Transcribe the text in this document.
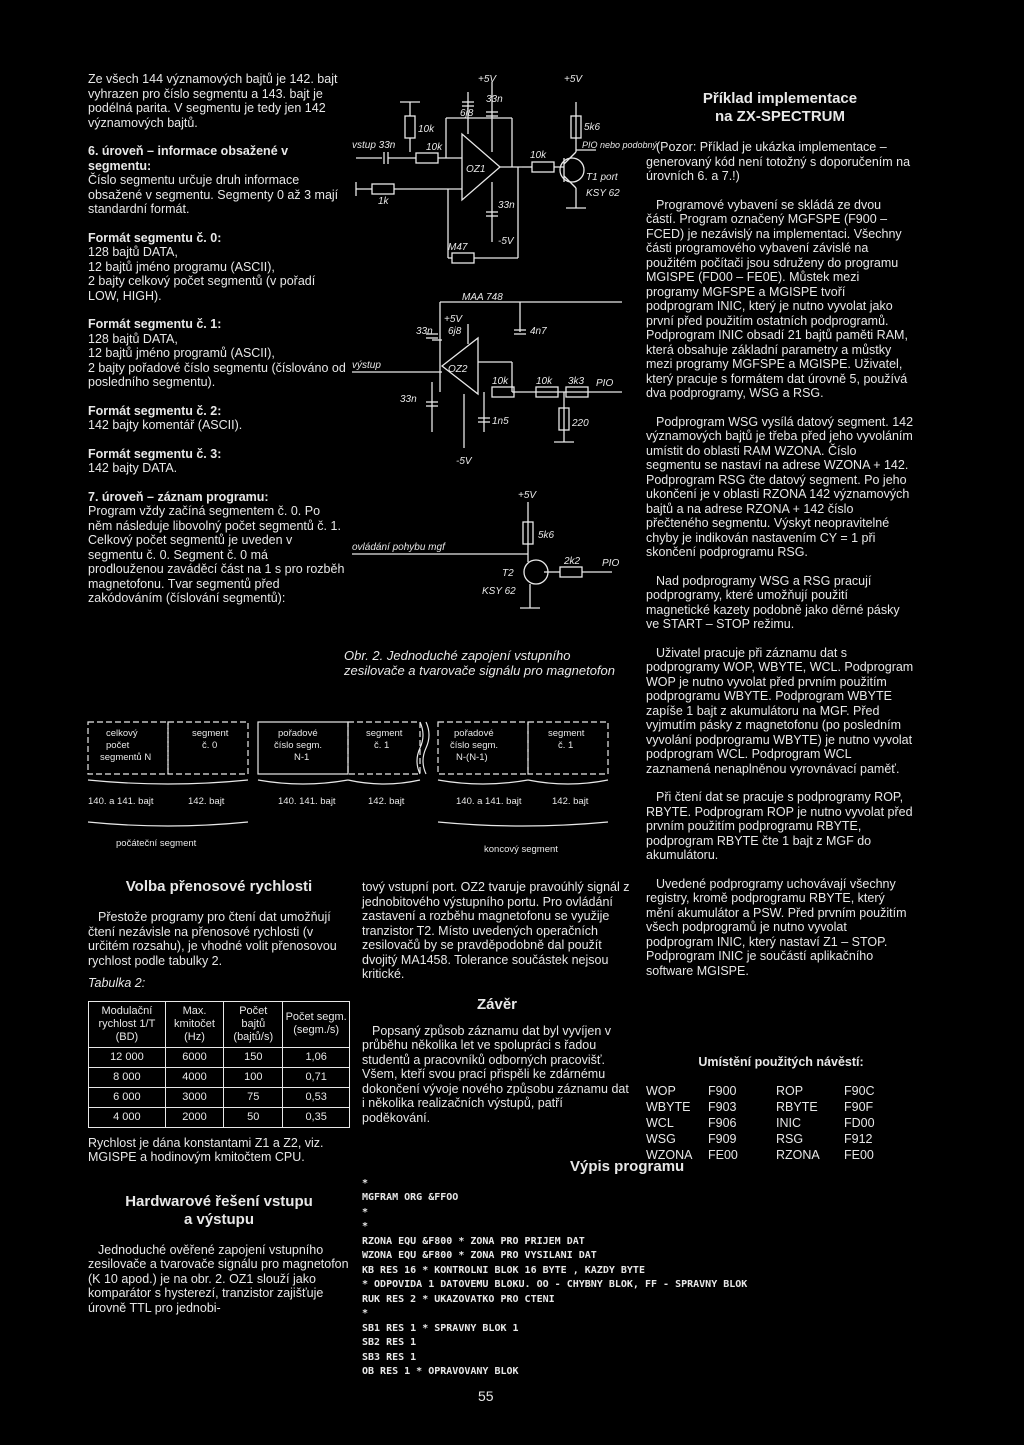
Ze všech 144 významových bajtů je 142. bajt vyhrazen pro číslo segmentu a 143. bajt je podélná parita. V segmentu je tedy jen 142 významových bajtů.

6. úroveň – informace obsažené v segmentu:

Číslo segmentu určuje druh informace obsažené v segmentu. Segmenty 0 až 3 mají standardní formát.

Formát segmentu č. 0:

128 bajtů DATA,

12 bajtů jméno programu (ASCII),

2 bajty celkový počet segmentů (v pořadí LOW, HIGH).

Formát segmentu č. 1:

128 bajtů DATA,

12 bajtů jméno programů (ASCII),

2 bajty pořadové číslo segmentu (číslováno od posledního segmentu).

Formát segmentu č. 2:

142 bajty komentář (ASCII).

Formát segmentu č. 3:

142 bajty DATA.

7. úroveň – záznam programu:

Program vždy začíná segmentem č. 0. Po něm následuje libovolný počet segmentů č. 1. Celkový počet segmentů je uveden v segmentu č. 0. Segment č. 0 má prodlouženou zaváděcí část na 1 s pro rozběh magnetofonu. Tvar segmentů před zakódováním (číslování segmentů):

celkový
počet
segmentů N
segment
č. 0
pořadové
číslo segm.
N-1
segment
č. 1
pořadové
číslo segm.
N-(N-1)
segment
č. 1
140. a 141. bajt	142. bajt	140. 141. bajt	142. bajt	140. a 141. bajt	142. bajt
počáteční segment
koncový segment

Volba přenosové rychlosti

Přestože programy pro čtení dat umožňují čtení nezávisle na přenosové rychlosti (v určitém rozsahu), je vhodné volit přenosovou rychlost podle tabulky 2.

Tabulka 2:

Modulační rychlost 1/T (BD)	Max. kmitočet (Hz)	Počet bajtů (bajtů/s)	Počet segm. (segm./s)
12 000	6000	150	1,06
8 000	4000	100	0,71
6 000	3000	75	0,53
4 000	2000	50	0,35

Rychlost je dána konstantami Z1 a Z2, viz. MGISPE a hodinovým kmitočtem CPU.

Hardwarové řešení vstupu

a výstupu

Jednoduché ověřené zapojení vstupního zesilovače a tvarovače signálu pro magnetofon (K 10 apod.) je na obr. 2. OZ1 slouží jako komparátor s hysterezí, tranzistor zajišťuje úrovně TTL pro jednobi-

+5V
33n
6j8
10k
vstup 33n	10k
1k
OZ1
33n
-5V
M47
+5V
5k6
10k
PIO nebo podobný
T1 port
KSY 62
MAA 748
+5V
33n 6j8	4n7
výstup	OZ2
10k	10k 3k3 PIO
33n
1n5	220
-5V
+5V
5k6
ovládání pohybu mgf
2k2 PIO
T2
KSY 62
Obr. 2. Jednoduché zapojení vstupního zesilovače a tvarovače signálu pro magnetofon

tový vstupní port. OZ2 tvaruje pravoúhlý signál z jednobitového výstupního portu. Pro ovládání zastavení a rozběhu magnetofonu se využije tranzistor T2. Místo uvedených operačních zesilovačů by se pravděpodobně dal použít dvojitý MA1458. Tolerance součástek nejsou kritické.

Závěr

Popsaný způsob záznamu dat byl vyvíjen v průběhu několika let ve spolupráci s řadou studentů a pracovníků odborných pracovišť. Všem, kteří svou prací přispěli ke zdárnému dokončení vývoje nového způsobu záznamu dat i několika realizačních výstupů, patří poděkování.

Příklad implementace

na ZX-SPECTRUM

(Pozor: Příklad je ukázka implementace – generovaný kód není totožný s doporučením na úrovních 6. a 7.!)

Programové vybavení se skládá ze dvou částí. Program označený MGFSPE (F900 – FCED) je nezávislý na implementaci. Všechny části programového vybavení závislé na použitém počítači jsou sdruženy do programu MGISPE (FD00 – FE0E). Můstek mezi programy MGFSPE a MGISPE tvoří podprogram INIC, který je nutno vyvolat jako první před použitím ostatních podprogramů. Podprogram INIC obsadí 21 bajtů paměti RAM, která obsahuje základní parametry a můstky mezi programy MGFSPE a MGISPE. Uživatel, který pracuje s formátem dat úrovně 5, používá dva podprogramy, WSG a RSG.

Podprogram WSG vysílá datový segment. 142 významových bajtů je třeba před jeho vyvoláním umístit do oblasti RAM WZONA. Číslo segmentu se nastaví na adrese WZONA + 142. Podprogram RSG čte datový segment. Po jeho ukončení je v oblasti RZONA 142 významových bajtů a na adrese RZONA + 142 číslo přečteného segmentu. Výskyt neopravitelné chyby je indikován nastavením CY = 1 při skončení podprogramu RSG.

Nad podprogramy WSG a RSG pracují podprogramy, které umožňují použití magnetické kazety podobně jako děrné pásky ve START – STOP režimu.

Uživatel pracuje při záznamu dat s podprogramy WOP, WBYTE, WCL. Podprogram WOP je nutno vyvolat před prvním použitím podprogramu WBYTE. Podprogram WBYTE zapíše 1 bajt z akumulátoru na MGF. Před vyjmutím pásky z magnetofonu (po posledním vyvolání podprogramu WBYTE) je nutno vyvolat podprogram WCL. Podprogram WCL zaznamená nenaplněnou vyrovnávací paměť.

Při čtení dat se pracuje s podprogramy ROP, RBYTE. Podprogram ROP je nutno vyvolat před prvním použitím podprogramu RBYTE, podprogram RBYTE čte 1 bajt z MGF do akumulátoru.

Uvedené podprogramy uchovávají všechny registry, kromě podprogramu RBYTE, který mění akumulátor a PSW. Před prvním použitím všech podprogramů je nutno vyvolat podprogram INIC, který nastaví Z1 – STOP. Podprogram INIC je součástí aplikačního software MGISPE.

Umístění použitých návěstí:

WOP	F900	ROP	F90C
WBYTE	F903	RBYTE	F90F
WCL	F906	INIC	FD00
WSG	F909	RSG	F912
WZONA	FE00	RZONA	FE00
Výpis programu

*
MGFRAM ORG &FFOO
*
*
RZONA EQU &F800 * ZONA PRO PRIJEM DAT
WZONA EQU &F800 * ZONA PRO VYSILANI DAT
KB RES 16 * KONTROLNI BLOK 16 BYTE , KAZDY BYTE
* ODPOVIDA 1 DATOVEMU BLOKU. OO - CHYBNY BLOK, FF - SPRAVNY BLOK
RUK RES 2 * UKAZOVATKO PRO CTENI
*
SB1 RES 1 * SPRAVNY BLOK 1
SB2 RES 1
SB3 RES 1
OB RES 1 * OPRAVOVANY BLOK

55
